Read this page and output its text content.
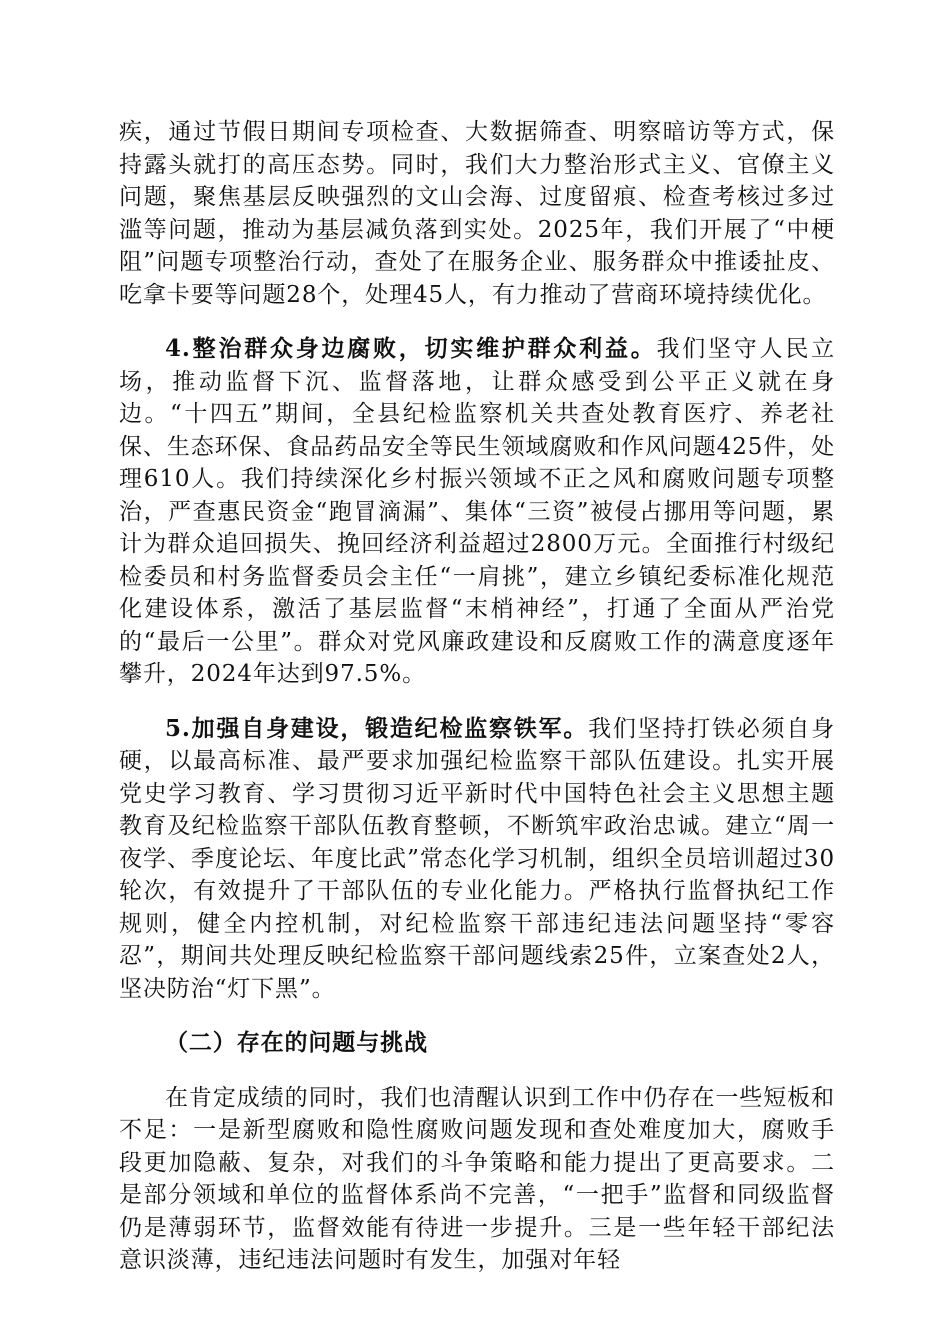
疾，通过节假日期间专项检查、大数据筛查、明察暗访等方式，保持露头就打的高压态势。同时，我们大力整治形式主义、官僚主义问题，聚焦基层反映强烈的文山会海、过度留痕、检查考核过多过滥等问题，推动为基层减负落到实处。2025年，我们开展了“中梗阻”问题专项整治行动，查处了在服务企业、服务群众中推诿扯皮、吃拿卡要等问题28个，处理45人，有力推动了营商环境持续优化。

4.整治群众身边腐败，切实维护群众利益。我们坚守人民立场，推动监督下沉、监督落地，让群众感受到公平正义就在身边。“十四五”期间，全县纪检监察机关共查处教育医疗、养老社保、生态环保、食品药品安全等民生领域腐败和作风问题425件，处理610人。我们持续深化乡村振兴领域不正之风和腐败问题专项整治，严查惠民资金“跑冒滴漏”、集体“三资”被侵占挪用等问题，累计为群众追回损失、挽回经济利益超过2800万元。全面推行村级纪检委员和村务监督委员会主任“一肩挑”，建立乡镇纪委标准化规范化建设体系，激活了基层监督“末梢神经”，打通了全面从严治党的“最后一公里”。群众对党风廉政建设和反腐败工作的满意度逐年攀升，2024年达到97.5%。

5.加强自身建设，锻造纪检监察铁军。我们坚持打铁必须自身硬，以最高标准、最严要求加强纪检监察干部队伍建设。扎实开展党史学习教育、学习贯彻习近平新时代中国特色社会主义思想主题教育及纪检监察干部队伍教育整顿，不断筑牢政治忠诚。建立“周一夜学、季度论坛、年度比武”常态化学习机制，组织全员培训超过30轮次，有效提升了干部队伍的专业化能力。严格执行监督执纪工作规则，健全内控机制，对纪检监察干部违纪违法问题坚持“零容忍”，期间共处理反映纪检监察干部问题线索25件，立案查处2人，坚决防治“灯下黑”。

（二）存在的问题与挑战

在肯定成绩的同时，我们也清醒认识到工作中仍存在一些短板和不足：一是新型腐败和隐性腐败问题发现和查处难度加大，腐败手段更加隐蔽、复杂，对我们的斗争策略和能力提出了更高要求。二是部分领域和单位的监督体系尚不完善，“一把手”监督和同级监督仍是薄弱环节，监督效能有待进一步提升。三是一些年轻干部纪法意识淡薄，违纪违法问题时有发生，加强对年轻
